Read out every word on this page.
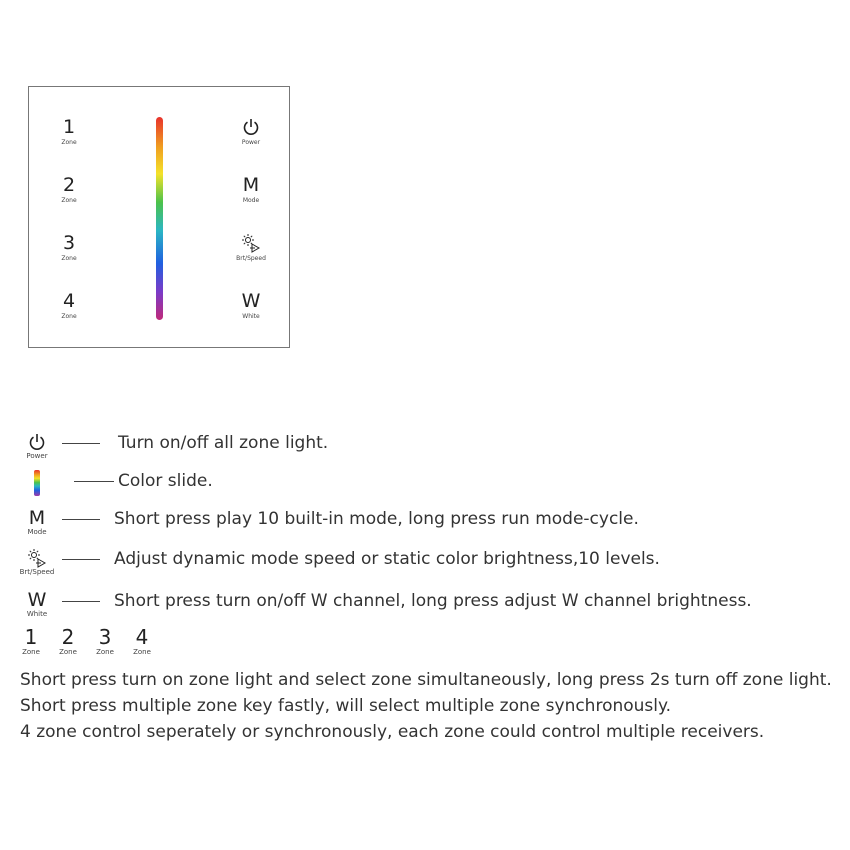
1
Zone
2
Zone
3
Zone
4
Zone
Power
M
Mode
Brt/Speed
W
White
Power
Turn on/off all zone light.
Color slide.
M
Mode
Short press play 10 built-in mode, long press run mode-cycle.
Brt/Speed
Adjust dynamic mode speed or static color brightness,10 levels.
W
White
Short press turn on/off W channel, long press adjust W channel brightness.
1
Zone
2
Zone
3
Zone
4
Zone
Short press turn on zone light and select zone simultaneously, long press 2s turn off zone light.
Short press multiple zone key fastly, will select multiple zone synchronously.
4 zone control seperately or synchronously, each zone could control multiple receivers.
